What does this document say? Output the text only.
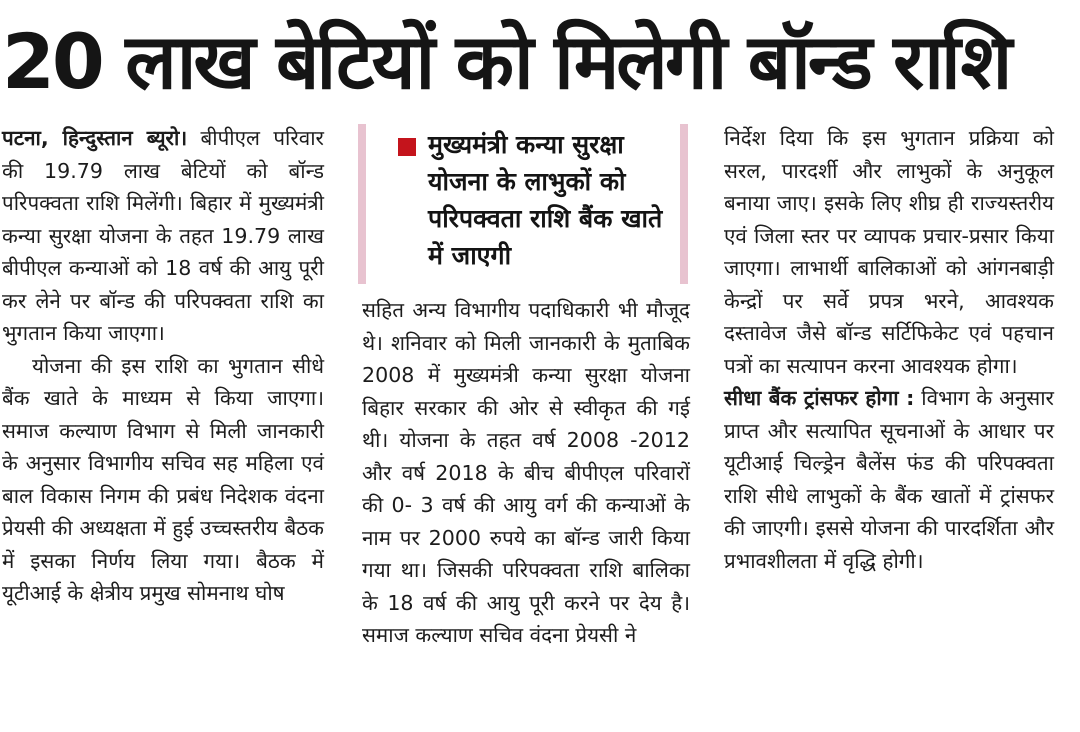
20 लाख बेटियों को मिलेगी बॉन्ड राशि

पटना, हिन्दुस्तान ब्यूरो। बीपीएल परिवार की 19.79 लाख बेटियों को बॉन्ड परिपक्वता राशि मिलेंगी। बिहार में मुख्यमंत्री कन्या सुरक्षा योजना के तहत 19.79 लाख बीपीएल कन्याओं को 18 वर्ष की आयु पूरी कर लेने पर बॉन्ड की परिपक्वता राशि का भुगतान किया जाएगा।

योजना की इस राशि का भुगतान सीधे बैंक खाते के माध्यम से किया जाएगा। समाज कल्याण विभाग से मिली जानकारी के अनुसार विभागीय सचिव सह महिला एवं बाल विकास निगम की प्रबंध निदेशक वंदना प्रेयसी की अध्यक्षता में हुई उच्चस्तरीय बैठक में इसका निर्णय लिया गया। बैठक में यूटीआई के क्षेत्रीय प्रमुख सोमनाथ घोष

मुख्यमंत्री कन्या सुरक्षा योजना के लाभुकों को परिपक्वता राशि बैंक खाते में जाएगी

सहित अन्य विभागीय पदाधिकारी भी मौजूद थे। शनिवार को मिली जानकारी के मुताबिक 2008 में मुख्यमंत्री कन्या सुरक्षा योजना बिहार सरकार की ओर से स्वीकृत की गई थी। योजना के तहत वर्ष 2008 -2012 और वर्ष 2018 के बीच बीपीएल परिवारों की 0- 3 वर्ष की आयु वर्ग की कन्याओं के नाम पर 2000 रुपये का बॉन्ड जारी किया गया था। जिसकी परिपक्वता राशि बालिका के 18 वर्ष की आयु पूरी करने पर देय है। समाज कल्याण सचिव वंदना प्रेयसी ने

निर्देश दिया कि इस भुगतान प्रक्रिया को सरल, पारदर्शी और लाभुकों के अनुकूल बनाया जाए। इसके लिए शीघ्र ही राज्यस्तरीय एवं जिला स्तर पर व्यापक प्रचार-प्रसार किया जाएगा। लाभार्थी बालिकाओं को आंगनबाड़ी केन्द्रों पर सर्वे प्रपत्र भरने, आवश्यक दस्तावेज जैसे बॉन्ड सर्टिफिकेट एवं पहचान पत्रों का सत्यापन करना आवश्यक होगा।

सीधा बैंक ट्रांसफर होगा : विभाग के अनुसार प्राप्त और सत्यापित सूचनाओं के आधार पर यूटीआई चिल्ड्रेन बैलेंस फंड की परिपक्वता राशि सीधे लाभुकों के बैंक खातों में ट्रांसफर की जाएगी। इससे योजना की पारदर्शिता और प्रभावशीलता में वृद्धि होगी।
